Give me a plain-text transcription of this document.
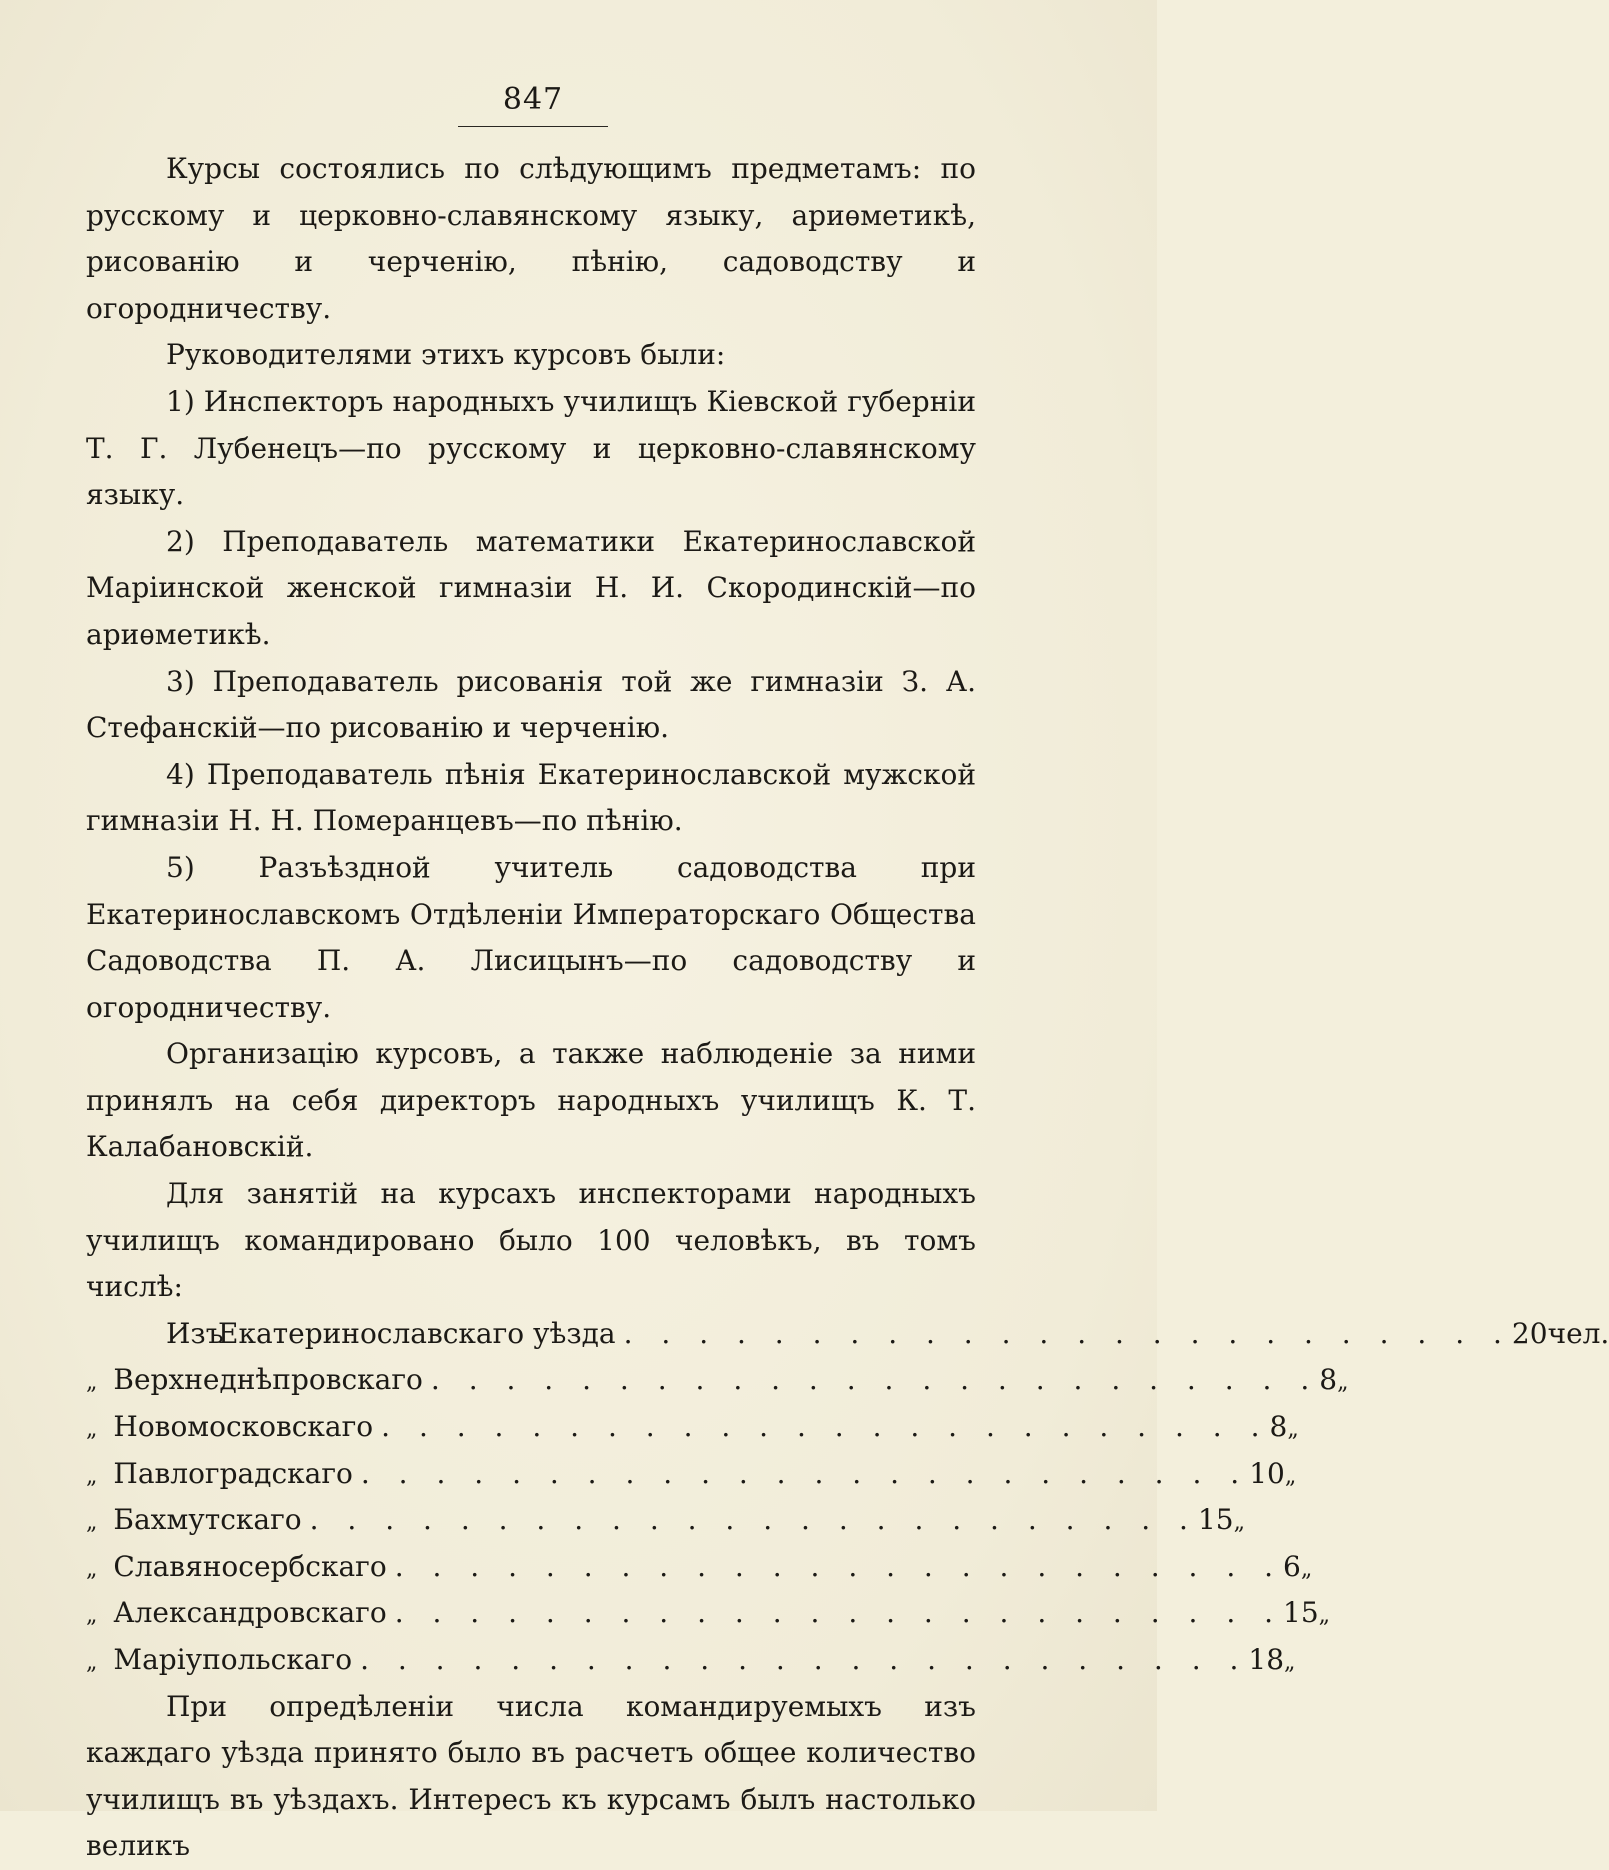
847

Курсы состоялись по слѣдующимъ предметамъ: по русскому и церковно-славянскому языку, ариѳметикѣ, рисованію и черченію, пѣнію, садоводству и огородничеству.

Руководителями этихъ курсовъ были:

1) Инспекторъ народныхъ училищъ Кіевской губерніи Т. Г. Лубенецъ—по русскому и церковно-славянскому языку.

2) Преподаватель математики Екатеринославской Маріинской женской гимназіи Н. И. Скородинскій—по ариѳметикѣ.

3) Преподаватель рисованія той же гимназіи З. А. Стефанскій—по рисованію и черченію.

4) Преподаватель пѣнія Екатеринославской мужской гимназіи Н. Н. Померанцевъ—по пѣнію.

5) Разъѣздной учитель садоводства при Екатеринославскомъ Отдѣленіи Императорскаго Общества Садоводства П. А. Лисицынъ—по садоводству и огородничеству.

Организацію курсовъ, а также наблюденіе за ними принялъ на себя директоръ народныхъ училищъ К. Т. Калабановскій.

Для занятій на курсахъ инспекторами народныхъ училищъ командировано было 100 человѣкъ, въ томъ числѣ:

Изъ
Екатеринославскаго уѣзда . . . . . . . . . . . . . . . . . . . . . . . . 20 чел.
„ Верхнеднѣпровскаго . . . . . . . . . . . . . . . . . . . . . . . . 8 „
„ Новомосковскаго . . . . . . . . . . . . . . . . . . . . . . . . 8 „
„ Павлоградскаго . . . . . . . . . . . . . . . . . . . . . . . . 10 „
„ Бахмутскаго . . . . . . . . . . . . . . . . . . . . . . . . 15 „
„ Славяносербскаго . . . . . . . . . . . . . . . . . . . . . . . . 6 „
„ Александровскаго . . . . . . . . . . . . . . . . . . . . . . . . 15 „
„ Маріупольскаго . . . . . . . . . . . . . . . . . . . . . . . . 18 „

При опредѣленіи числа командируемыхъ изъ каждаго уѣзда принято было въ расчетъ общее количество училищъ въ уѣздахъ. Интересъ къ курсамъ былъ настолько великъ
